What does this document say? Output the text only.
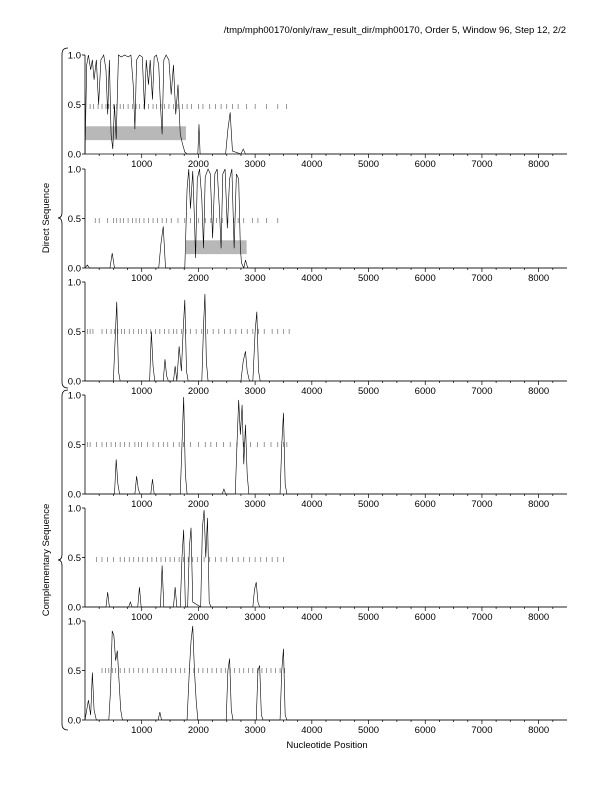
/tmp/mph00170/only/raw_result_dir/mph00170, Order 5, Window 96, Step 12, 2/2
0.0
0.5
1.0
1000	2000	3000	4000	5000	6000	7000	8000
0.0
0.5
1.0
1000	2000	3000	4000	5000	6000	7000	8000
0.0
0.5
1.0
1000	2000	3000	4000	5000	6000	7000	8000
0.0
0.5
1.0
1000	2000	3000	4000	5000	6000	7000	8000
0.0
0.5
1.0
1000	2000	3000	4000	5000	6000	7000	8000
0.0
0.5
1.0
1000	2000	3000	4000	5000	6000	7000	8000
Nucleotide Position
Direct Sequence
Complementary Sequence
